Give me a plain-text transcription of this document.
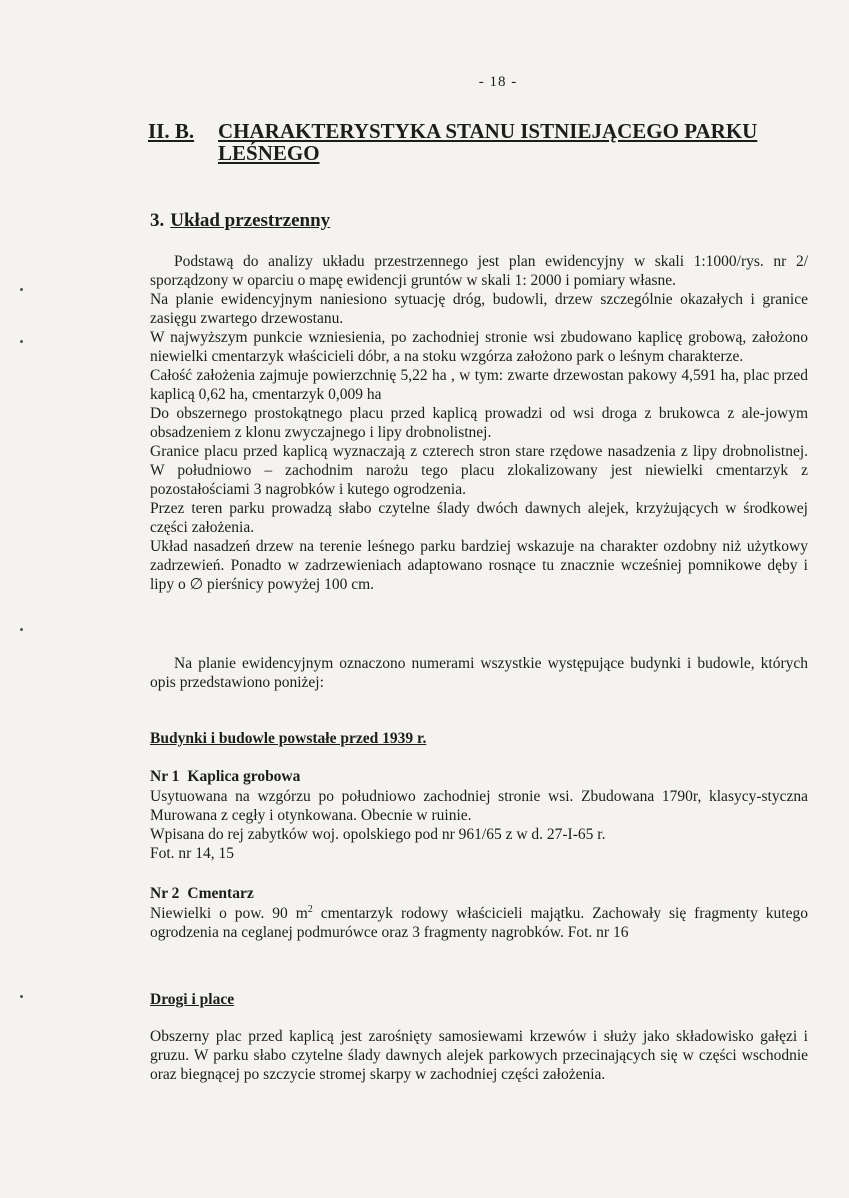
- 18 -
II. B. CHARAKTERYSTYKA STANU ISTNIEJĄCEGO PARKU LEŚNEGO
3. Układ przestrzenny

Podstawą do analizy układu przestrzennego jest plan ewidencyjny w skali 1:1000/rys. nr 2/ sporządzony w oparciu o mapę ewidencji gruntów w skali 1: 2000 i pomiary własne.

Na planie ewidencyjnym naniesiono sytuację dróg, budowli, drzew szczególnie okazałych i granice zasięgu zwartego drzewostanu.

W najwyższym punkcie wzniesienia, po zachodniej stronie wsi zbudowano kaplicę grobową, założono niewielki cmentarzyk właścicieli dóbr, a na stoku wzgórza założono park o leśnym charakterze.

Całość założenia zajmuje powierzchnię 5,22 ha , w tym: zwarte drzewostan pakowy 4,591 ha, plac przed kaplicą 0,62 ha, cmentarzyk 0,009 ha

Do obszernego prostokątnego placu przed kaplicą prowadzi od wsi droga z brukowca z ale-jowym obsadzeniem z klonu zwyczajnego i lipy drobnolistnej.

Granice placu przed kaplicą wyznaczają z czterech stron stare rzędowe nasadzenia z lipy drobnolistnej. W południowo – zachodnim narożu tego placu zlokalizowany jest niewielki cmentarzyk z pozostałościami 3 nagrobków i kutego ogrodzenia.

Przez teren parku prowadzą słabo czytelne ślady dwóch dawnych alejek, krzyżujących w środkowej części założenia.

Układ nasadzeń drzew na terenie leśnego parku bardziej wskazuje na charakter ozdobny niż użytkowy zadrzewień. Ponadto w zadrzewieniach adaptowano rosnące tu znacznie wcześniej pomnikowe dęby i lipy o ∅ pierśnicy powyżej 100 cm.

Na planie ewidencyjnym oznaczono numerami wszystkie występujące budynki i budowle, których opis przedstawiono poniżej:

Budynki i budowle powstałe przed 1939 r.
Nr 1 Kaplica grobowa

Usytuowana na wzgórzu po południowo zachodniej stronie wsi. Zbudowana 1790r, klasycy-styczna Murowana z cegły i otynkowana. Obecnie w ruinie.

Wpisana do rej zabytków woj. opolskiego pod nr 961/65 z w d. 27-I-65 r.

Fot. nr 14, 15

Nr 2 Cmentarz

Niewielki o pow. 90 $m^2$ cmentarzyk rodowy właścicieli majątku. Zachowały się fragmenty kutego ogrodzenia na ceglanej podmurówce oraz 3 fragmenty nagrobków. Fot. nr 16

Drogi i place

Obszerny plac przed kaplicą jest zarośnięty samosiewami krzewów i służy jako składowisko gałęzi i gruzu. W parku słabo czytelne ślady dawnych alejek parkowych przecinających się w części wschodnie oraz biegnącej po szczycie stromej skarpy w zachodniej części założenia.
